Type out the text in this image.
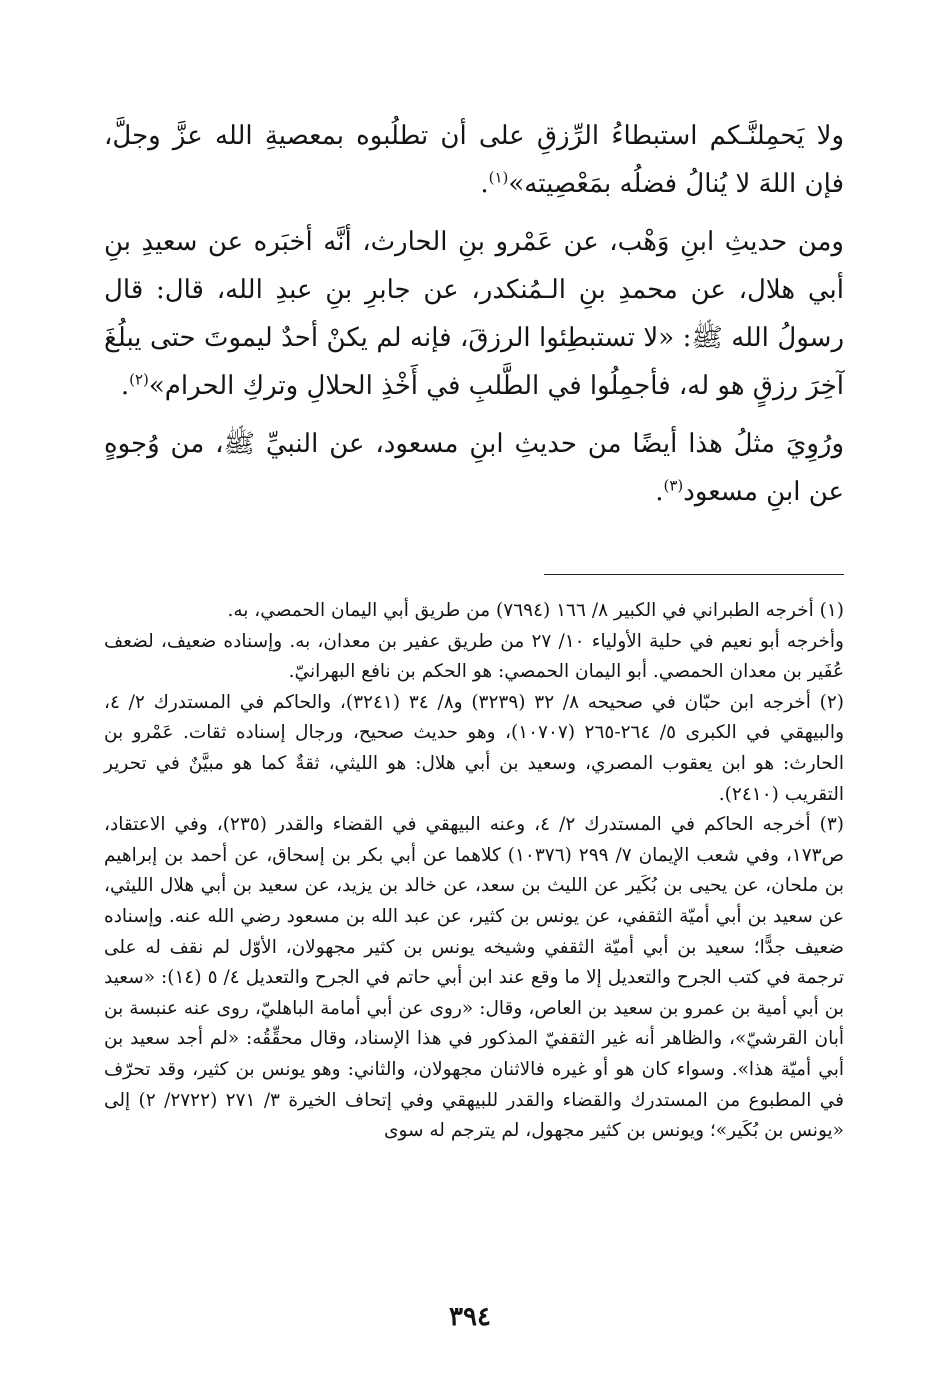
ولا يَحمِلنَّـكم استبطاءُ الرِّزقِ على أن تطلُبوه بمعصيةِ الله عزَّ وجلَّ، فإن اللهَ لا يُنالُ فضلُه بمَعْصِيته»$^{(١)}$.

ومن حديثِ ابنِ وَهْب، عن عَمْرو بنِ الحارث، أنَّه أخبَره عن سعيدِ بنِ أبي هلال، عن محمدِ بنِ الـمُنكدر، عن جابرِ بنِ عبدِ الله، قال: قال رسولُ الله ﷺ: «لا تستبطِئوا الرزقَ، فإنه لم يكنْ أحدٌ ليموتَ حتى يبلُغَ آخِرَ رزقٍ هو له، فأجمِلُوا في الطَّلبِ في أَخْذِ الحلالِ وتركِ الحرام»$^{(٢)}$.

ورُوِيَ مثلُ هذا أيضًا من حديثِ ابنِ مسعود، عن النبيِّ ﷺ، من وُجوهٍ عن ابنِ مسعود$^{(٣)}$.

(١) أخرجه الطبراني في الكبير ٨/ ١٦٦ (٧٦٩٤) من طريق أبي اليمان الحمصي، به.

وأخرجه أبو نعيم في حلية الأولياء ١٠/ ٢٧ من طريق عفير بن معدان، به. وإسناده ضعيف، لضعف عُفَير بن معدان الحمصي. أبو اليمان الحمصي: هو الحكم بن نافع البهرانيّ.

(٢) أخرجه ابن حبّان في صحيحه ٨/ ٣٢ (٣٢٣٩) و٨/ ٣٤ (٣٢٤١)، والحاكم في المستدرك ٢/ ٤، والبيهقي في الكبرى ٥/ ٢٦٤-٢٦٥ (١٠٧٠٧)، وهو حديث صحيح، ورجال إسناده ثقات. عَمْرو بن الحارث: هو ابن يعقوب المصري، وسعيد بن أبي هلال: هو الليثي، ثقةٌ كما هو مبيَّنٌ في تحرير التقريب (٢٤١٠).

(٣) أخرجه الحاكم في المستدرك ٢/ ٤، وعنه البيهقي في القضاء والقدر (٢٣٥)، وفي الاعتقاد، ص١٧٣، وفي شعب الإيمان ٧/ ٢٩٩ (١٠٣٧٦) كلاهما عن أبي بكر بن إسحاق، عن أحمد بن إبراهيم بن ملحان، عن يحيى بن بُكَير عن الليث بن سعد، عن خالد بن يزيد، عن سعيد بن أبي هلال الليثي، عن سعيد بن أبي أميّة الثقفي، عن يونس بن كثير، عن عبد الله بن مسعود رضي الله عنه. وإسناده ضعيف جدًّا؛ سعيد بن أبي أميّة الثقفي وشيخه يونس بن كثير مجهولان، الأوّل لم نقف له على ترجمة في كتب الجرح والتعديل إلا ما وقع عند ابن أبي حاتم في الجرح والتعديل ٤/ ٥ (١٤): «سعيد بن أبي أمية بن عمرو بن سعيد بن العاص، وقال: «روى عن أبي أمامة الباهليّ، روى عنه عنبسة بن أبان القرشيّ»، والظاهر أنه غير الثقفيّ المذكور في هذا الإسناد، وقال محقِّقُه: «لم أجد سعيد بن أبي أميّة هذا». وسواء كان هو أو غيره فالاثنان مجهولان، والثاني: وهو يونس بن كثير، وقد تحرّف في المطبوع من المستدرك والقضاء والقدر للبيهقي وفي إتحاف الخيرة ٣/ ٢٧١ (٢٧٢٢/ ٢) إلى «يونس بن بُكَير»؛ ويونس بن كثير مجهول، لم يترجم له سوى

٣٩٤
